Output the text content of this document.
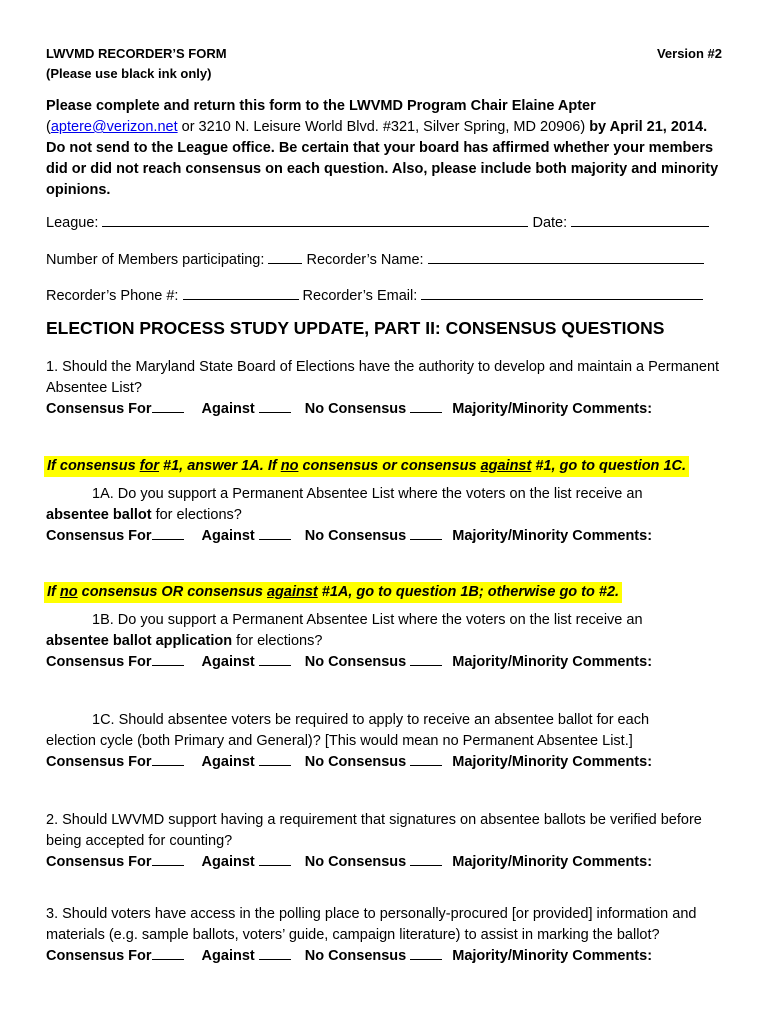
LWVMD RECORDER’S FORM	Version #2
(Please use black ink only)
Please complete and return this form to the LWVMD Program Chair Elaine Apter
(aptere@verizon.net or 3210 N. Leisure World Blvd. #321, Silver Spring, MD 20906) by April 21, 2014. Do not send to the League office. Be certain that your board has affirmed whether your members did or did not reach consensus on each question. Also, please include both majority and minority opinions.
League:	Date:
Number of Members participating:	Recorder’s Name:
Recorder’s Phone #:	Recorder’s Email:
ELECTION PROCESS STUDY UPDATE, PART II: CONSENSUS QUESTIONS
1. Should the Maryland State Board of Elections have the authority to develop and maintain a Permanent Absentee List?
Consensus For	Against	No Consensus	Majority/Minority Comments:
If consensus for #1, answer 1A. If no consensus or consensus against #1, go to question 1C.
1A. Do you support a Permanent Absentee List where the voters on the list receive an
absentee ballot for elections?
Consensus For	Against	No Consensus	Majority/Minority Comments:
If no consensus OR consensus against #1A, go to question 1B; otherwise go to #2.
1B. Do you support a Permanent Absentee List where the voters on the list receive an
absentee ballot application for elections?
Consensus For	Against	No Consensus	Majority/Minority Comments:
1C. Should absentee voters be required to apply to receive an absentee ballot for each
election cycle (both Primary and General)? [This would mean no Permanent Absentee List.]
Consensus For	Against	No Consensus	Majority/Minority Comments:
2. Should LWVMD support having a requirement that signatures on absentee ballots be verified before being accepted for counting?
Consensus For	Against	No Consensus	Majority/Minority Comments:
3. Should voters have access in the polling place to personally-procured [or provided] information and materials (e.g. sample ballots, voters’ guide, campaign literature) to assist in marking the ballot?
Consensus For	Against	No Consensus	Majority/Minority Comments:
